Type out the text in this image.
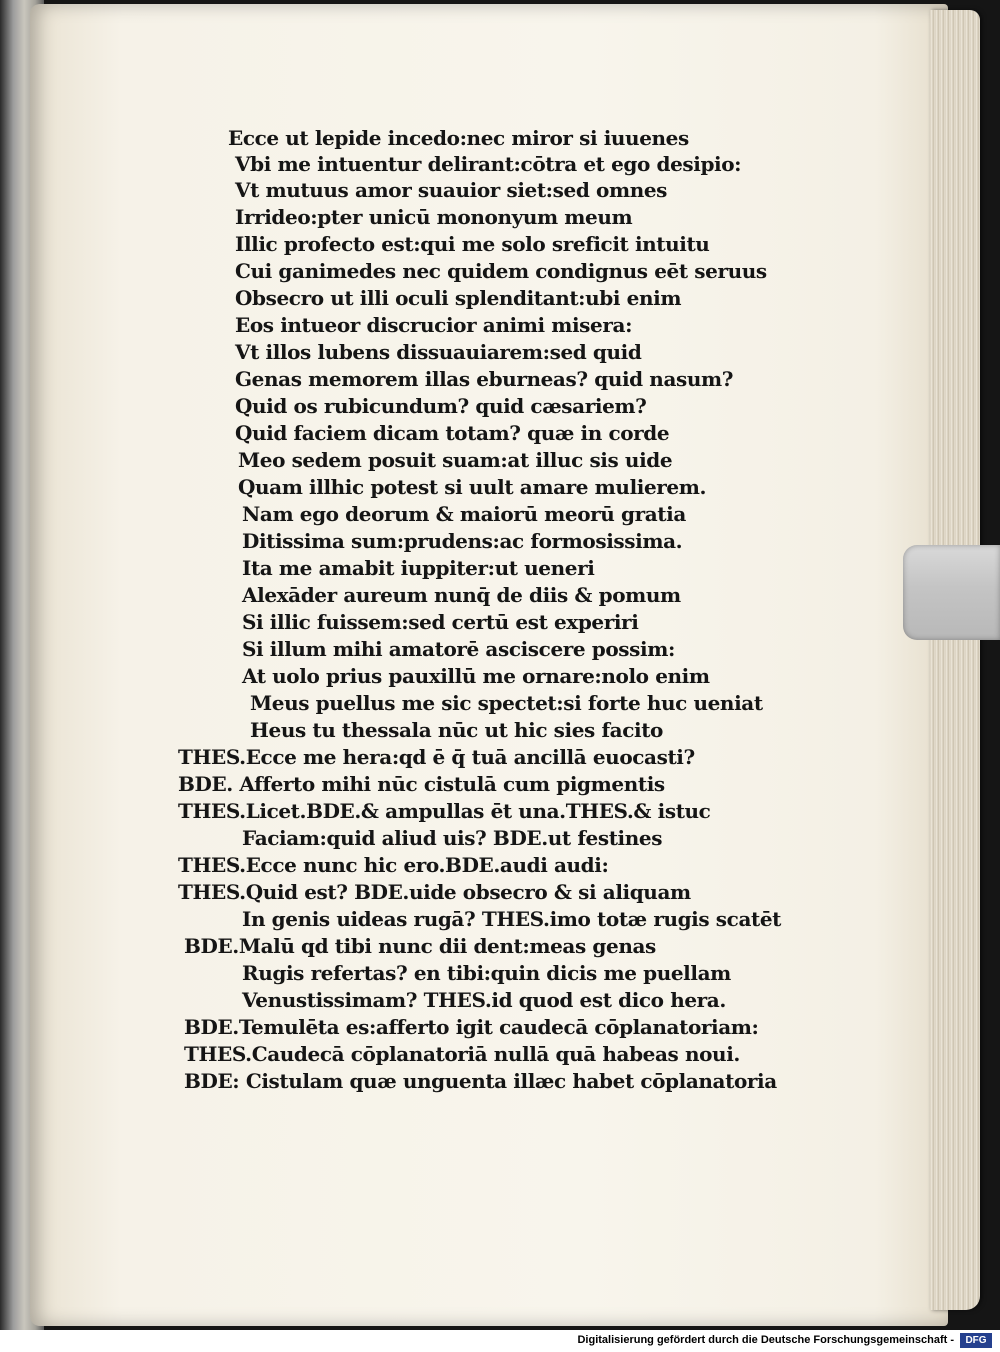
Ecce ut lepide incedo:nec miror si iuuenes
Vbi me intuentur delirant:cōtra et ego desipio:
Vt mutuus amor suauior siet:sed omnes
Irrideo:pter unicū mononyum meum
Illic profecto est:qui me solo sreficit intuitu
Cui ganimedes nec quidem condignus eēt seruus
Obsecro ut illi oculi splenditant:ubi enim
Eos intueor discrucior animi misera:
Vt illos lubens dissuauiarem:sed quid
Genas memorem illas eburneas? quid nasum?
Quid os rubicundum? quid cæsariem?
Quid faciem dicam totam? quæ in corde
Meo sedem posuit suam:at illuc sis uide
Quam illhic potest si uult amare mulierem.
Nam ego deorum & maiorū meorū gratia
Ditissima sum:prudens:ac formosissima.
Ita me amabit iuppiter:ut ueneri
Alexāder aureum nunq̄ de diis & pomum
Si illic fuissem:sed certū est experiri
Si illum mihi amatorē asciscere possim:
At uolo prius pauxillū me ornare:nolo enim
Meus puellus me sic spectet:si forte huc ueniat
Heus tu thessala nūc ut hic sies facito
THES.Ecce me hera:qd ē q̄ tuā ancillā euocasti?
BDE. Afferto mihi nūc cistulā cum pigmentis
THES.Licet.BDE.& ampullas ēt una.THES.& istuc
Faciam:quid aliud uis? BDE.ut festines
THES.Ecce nunc hic ero.BDE.audi audi:
THES.Quid est? BDE.uide obsecro & si aliquam
In genis uideas rugā? THES.imo totæ rugis scatēt
BDE.Malū qd tibi nunc dii dent:meas genas
Rugis refertas? en tibi:quin dicis me puellam
Venustissimam? THES.id quod est dico hera.
BDE.Temulēta es:afferto igit caudecā cōplanatoriam:
THES.Caudecā cōplanatoriā nullā quā habeas noui.
BDE: Cistulam quæ unguenta illæc habet cōplanatoria
Digitalisierung gefördert durch die Deutsche Forschungsgemeinschaft -	DFG
